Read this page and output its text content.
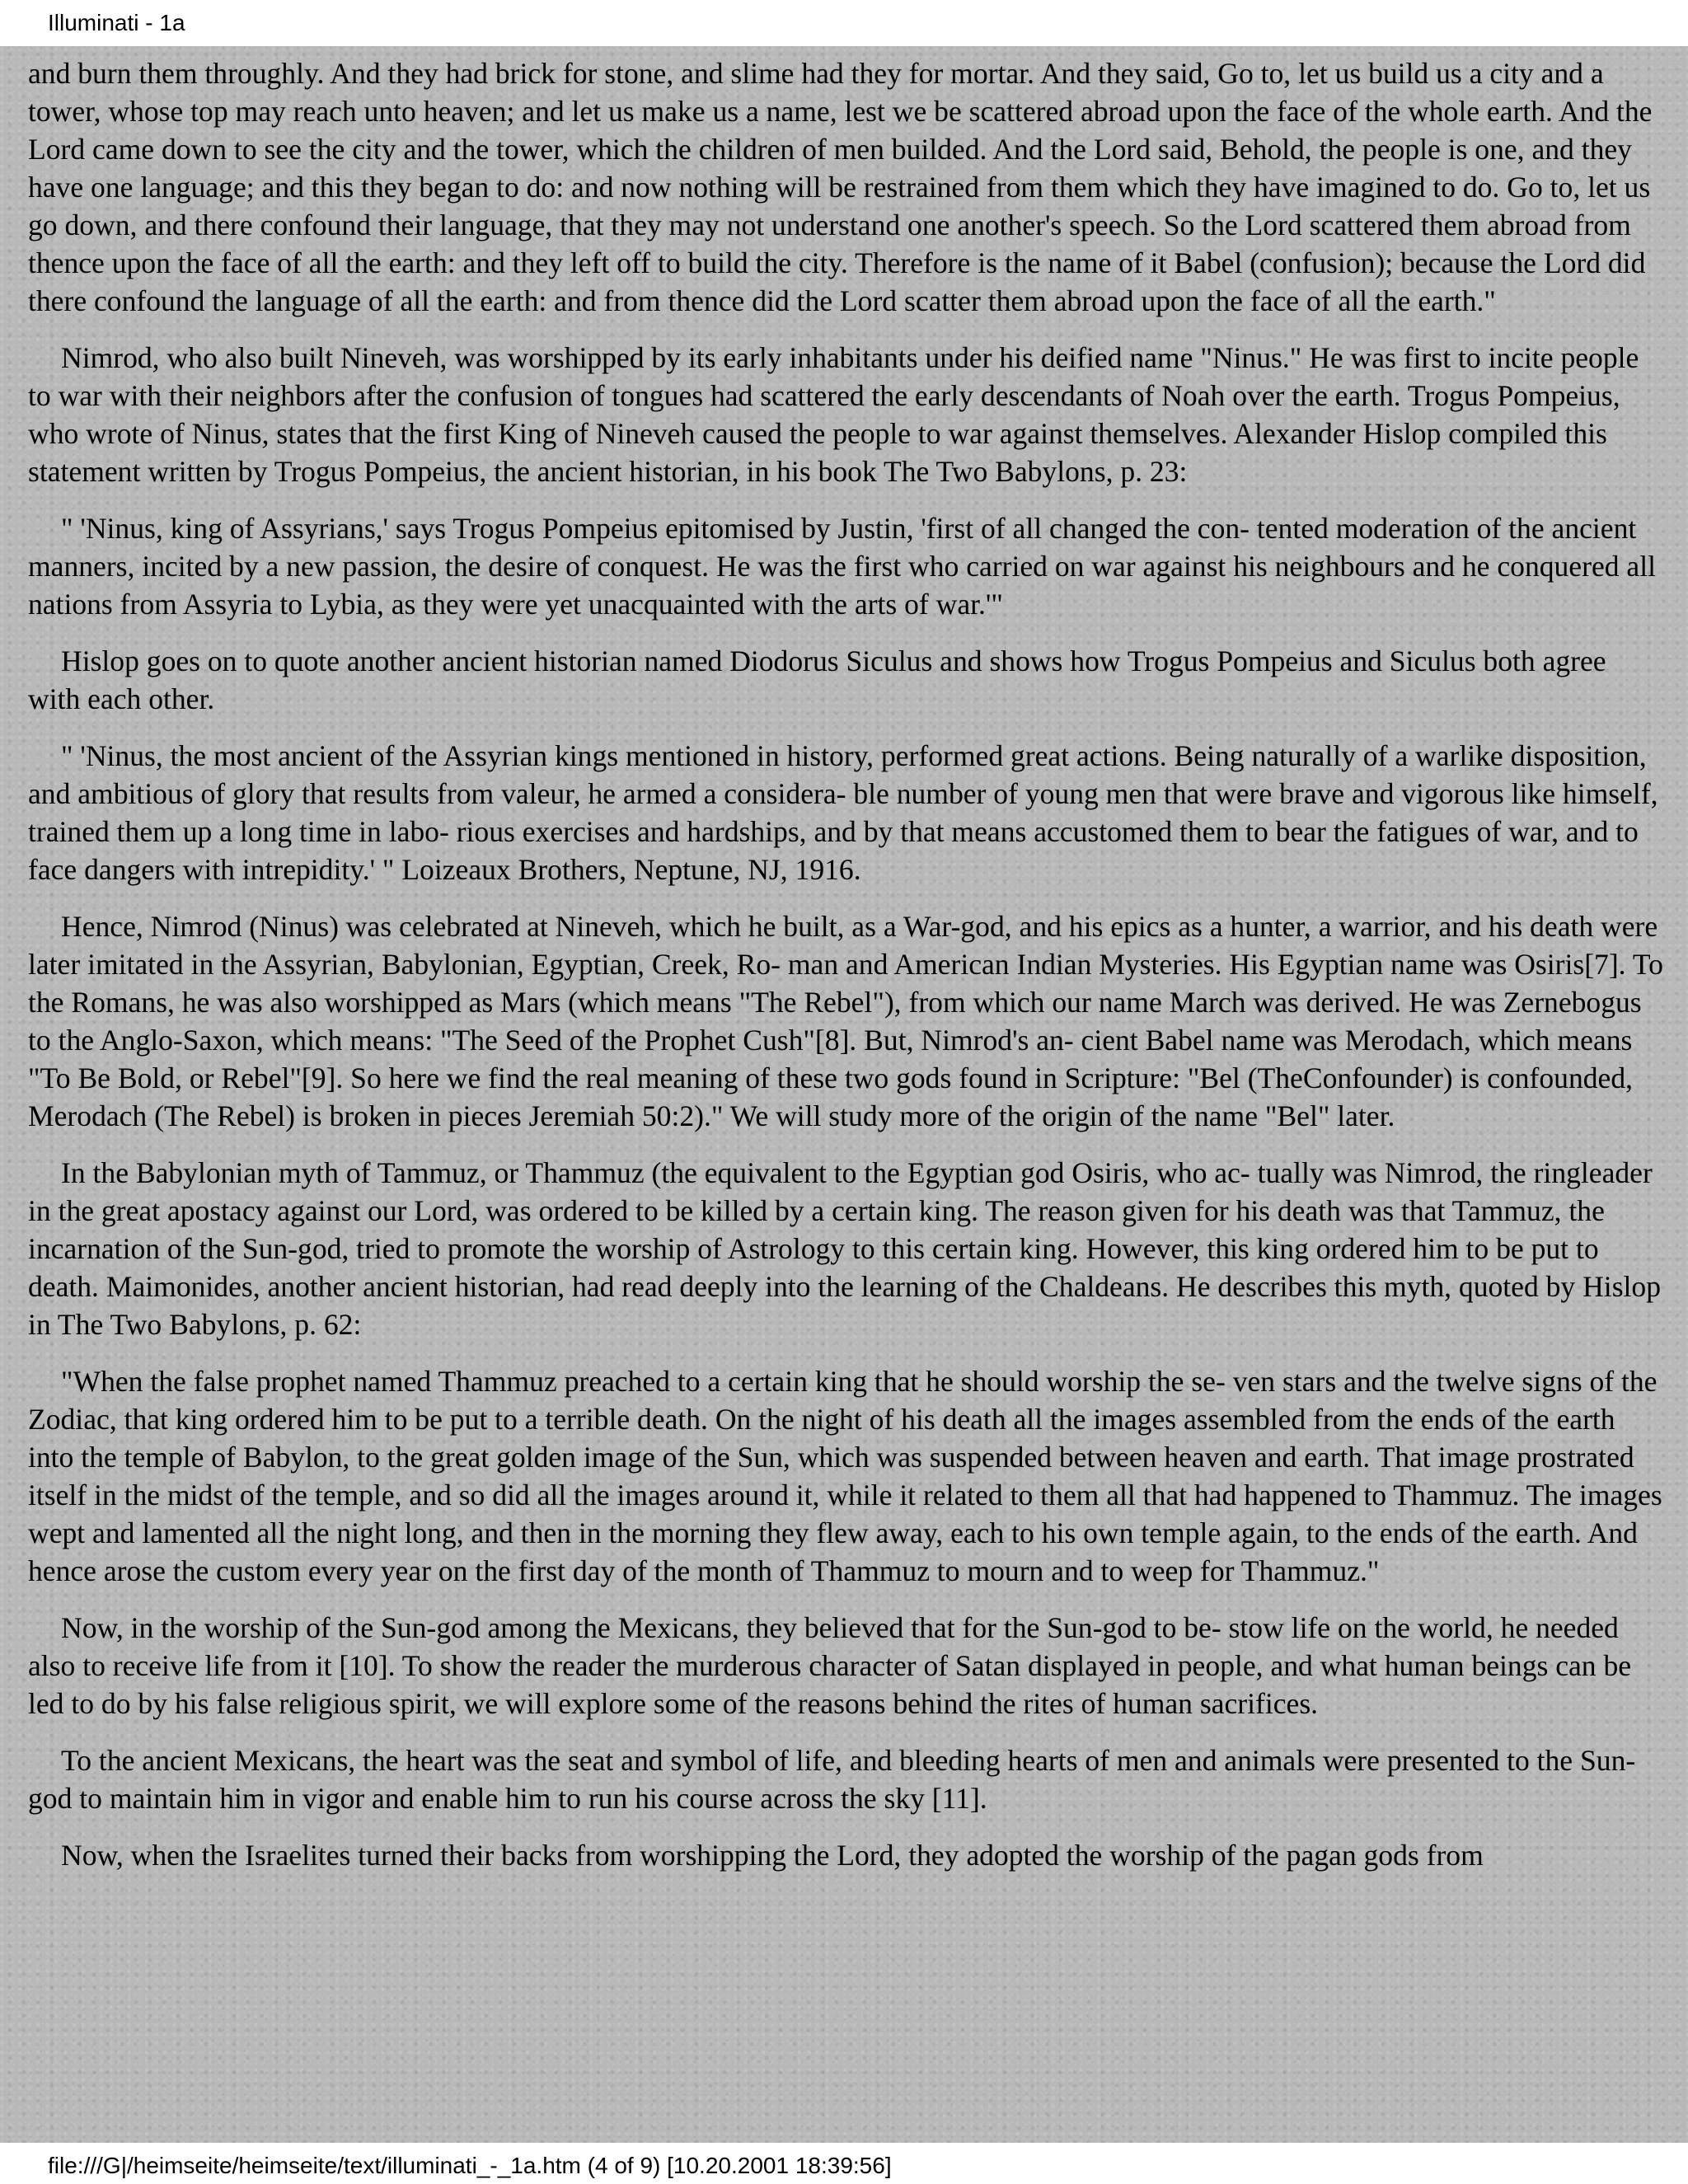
Illuminati - 1a

and burn them throughly. And they had brick for stone, and slime had they for mortar. And they said, Go to, let us build us a city and a tower, whose top may reach unto heaven; and let us make us a name, lest we be scattered abroad upon the face of the whole earth. And the Lord came down to see the city and the tower, which the children of men builded. And the Lord said, Behold, the people is one, and they have one language; and this they began to do: and now nothing will be restrained from them which they have imagined to do. Go to, let us go down, and there confound their language, that they may not understand one another's speech. So the Lord scattered them abroad from thence upon the face of all the earth: and they left off to build the city. Therefore is the name of it Babel (confusion); because the Lord did there confound the language of all the earth: and from thence did the Lord scatter them abroad upon the face of all the earth."

Nimrod, who also built Nineveh, was worshipped by its early inhabitants under his deified name "Ninus." He was first to incite people to war with their neighbors after the confusion of tongues had scattered the early descendants of Noah over the earth. Trogus Pompeius, who wrote of Ninus, states that the first King of Nineveh caused the people to war against themselves. Alexander Hislop compiled this statement written by Trogus Pompeius, the ancient historian, in his book The Two Babylons, p. 23:

" 'Ninus, king of Assyrians,' says Trogus Pompeius epitomised by Justin, 'first of all changed the con- tented moderation of the ancient manners, incited by a new passion, the desire of conquest. He was the first who carried on war against his neighbours and he conquered all nations from Assyria to Lybia, as they were yet unacquainted with the arts of war.'"

Hislop goes on to quote another ancient historian named Diodorus Siculus and shows how Trogus Pompeius and Siculus both agree with each other.

" 'Ninus, the most ancient of the Assyrian kings mentioned in history, performed great actions. Being naturally of a warlike disposition, and ambitious of glory that results from valeur, he armed a considera- ble number of young men that were brave and vigorous like himself, trained them up a long time in labo- rious exercises and hardships, and by that means accustomed them to bear the fatigues of war, and to face dangers with intrepidity.' " Loizeaux Brothers, Neptune, NJ, 1916.

Hence, Nimrod (Ninus) was celebrated at Nineveh, which he built, as a War-god, and his epics as a hunter, a warrior, and his death were later imitated in the Assyrian, Babylonian, Egyptian, Creek, Ro- man and American Indian Mysteries. His Egyptian name was Osiris[7]. To the Romans, he was also worshipped as Mars (which means "The Rebel"), from which our name March was derived. He was Zernebogus to the Anglo-Saxon, which means: "The Seed of the Prophet Cush"[8]. But, Nimrod's an- cient Babel name was Merodach, which means "To Be Bold, or Rebel"[9]. So here we find the real meaning of these two gods found in Scripture: "Bel (TheConfounder) is confounded, Merodach (The Rebel) is broken in pieces Jeremiah 50:2)." We will study more of the origin of the name "Bel" later.

In the Babylonian myth of Tammuz, or Thammuz (the equivalent to the Egyptian god Osiris, who ac- tually was Nimrod, the ringleader in the great apostacy against our Lord, was ordered to be killed by a certain king. The reason given for his death was that Tammuz, the incarnation of the Sun-god, tried to promote the worship of Astrology to this certain king. However, this king ordered him to be put to death. Maimonides, another ancient historian, had read deeply into the learning of the Chaldeans. He describes this myth, quoted by Hislop in The Two Babylons, p. 62:

"When the false prophet named Thammuz preached to a certain king that he should worship the se- ven stars and the twelve signs of the Zodiac, that king ordered him to be put to a terrible death. On the night of his death all the images assembled from the ends of the earth into the temple of Babylon, to the great golden image of the Sun, which was suspended between heaven and earth. That image prostrated itself in the midst of the temple, and so did all the images around it, while it related to them all that had happened to Thammuz. The images wept and lamented all the night long, and then in the morning they flew away, each to his own temple again, to the ends of the earth. And hence arose the custom every year on the first day of the month of Thammuz to mourn and to weep for Thammuz."

Now, in the worship of the Sun-god among the Mexicans, they believed that for the Sun-god to be- stow life on the world, he needed also to receive life from it [10]. To show the reader the murderous character of Satan displayed in people, and what human beings can be led to do by his false religious spirit, we will explore some of the reasons behind the rites of human sacrifices.

To the ancient Mexicans, the heart was the seat and symbol of life, and bleeding hearts of men and animals were presented to the Sun-god to maintain him in vigor and enable him to run his course across the sky [11].

Now, when the Israelites turned their backs from worshipping the Lord, they adopted the worship of the pagan gods from

file:///G|/heimseite/heimseite/text/illuminati_-_1a.htm (4 of 9) [10.20.2001 18:39:56]
